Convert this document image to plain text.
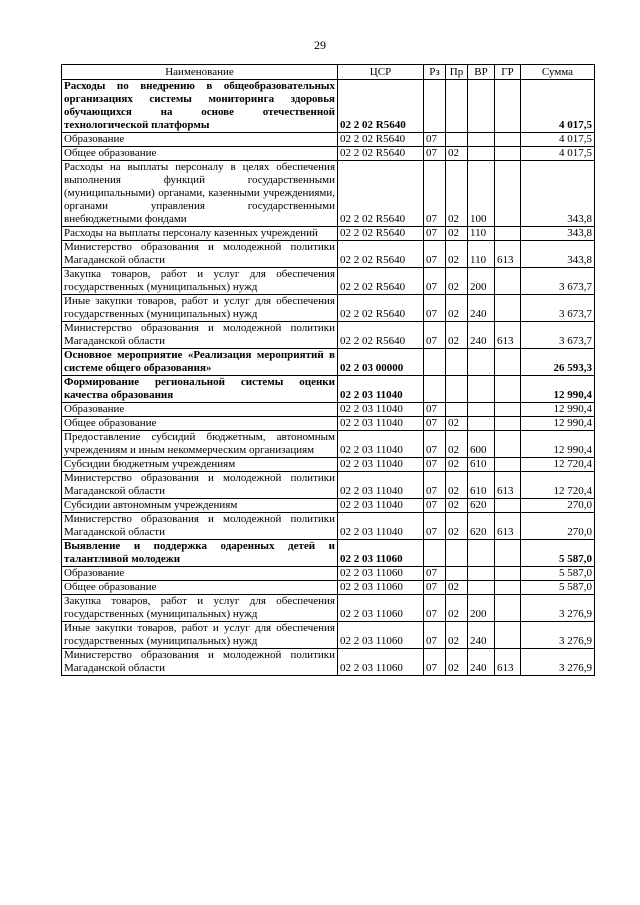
29
Наименование	ЦСР	Рз	Пр	ВР	ГР	Сумма
Расходы по внедрению в общеобразовательных организациях системы мониторинга здоровья обучающихся на основе отечественной технологической платформы	02 2 02 R5640					4 017,5
Образование	02 2 02 R5640	07				4 017,5
Общее образование	02 2 02 R5640	07	02			4 017,5
Расходы на выплаты персоналу в целях обеспечения выполнения функций государственными (муниципальными) органами, казенными учреждениями, органами управления государственными внебюджетными фондами	02 2 02 R5640	07	02	100		343,8
Расходы на выплаты персоналу казенных учреждений	02 2 02 R5640	07	02	110		343,8
Министерство образования и молодежной политики Магаданской области	02 2 02 R5640	07	02	110	613	343,8
Закупка товаров, работ и услуг для обеспечения государственных (муниципальных) нужд	02 2 02 R5640	07	02	200		3 673,7
Иные закупки товаров, работ и услуг для обеспечения государственных (муниципальных) нужд	02 2 02 R5640	07	02	240		3 673,7
Министерство образования и молодежной политики Магаданской области	02 2 02 R5640	07	02	240	613	3 673,7
Основное мероприятие «Реализация мероприятий в системе общего образования»	02 2 03 00000					26 593,3
Формирование региональной системы оценки качества образования	02 2 03 11040					12 990,4
Образование	02 2 03 11040	07				12 990,4
Общее образование	02 2 03 11040	07	02			12 990,4
Предоставление субсидий бюджетным, автономным учреждениям и иным некоммерческим организациям	02 2 03 11040	07	02	600		12 990,4
Субсидии бюджетным учреждениям	02 2 03 11040	07	02	610		12 720,4
Министерство образования и молодежной политики Магаданской области	02 2 03 11040	07	02	610	613	12 720,4
Субсидии автономным учреждениям	02 2 03 11040	07	02	620		270,0
Министерство образования и молодежной политики Магаданской области	02 2 03 11040	07	02	620	613	270,0
Выявление и поддержка одаренных детей и талантливой молодежи	02 2 03 11060					5 587,0
Образование	02 2 03 11060	07				5 587,0
Общее образование	02 2 03 11060	07	02			5 587,0
Закупка товаров, работ и услуг для обеспечения государственных (муниципальных) нужд	02 2 03 11060	07	02	200		3 276,9
Иные закупки товаров, работ и услуг для обеспечения государственных (муниципальных) нужд	02 2 03 11060	07	02	240		3 276,9
Министерство образования и молодежной политики Магаданской области	02 2 03 11060	07	02	240	613	3 276,9
